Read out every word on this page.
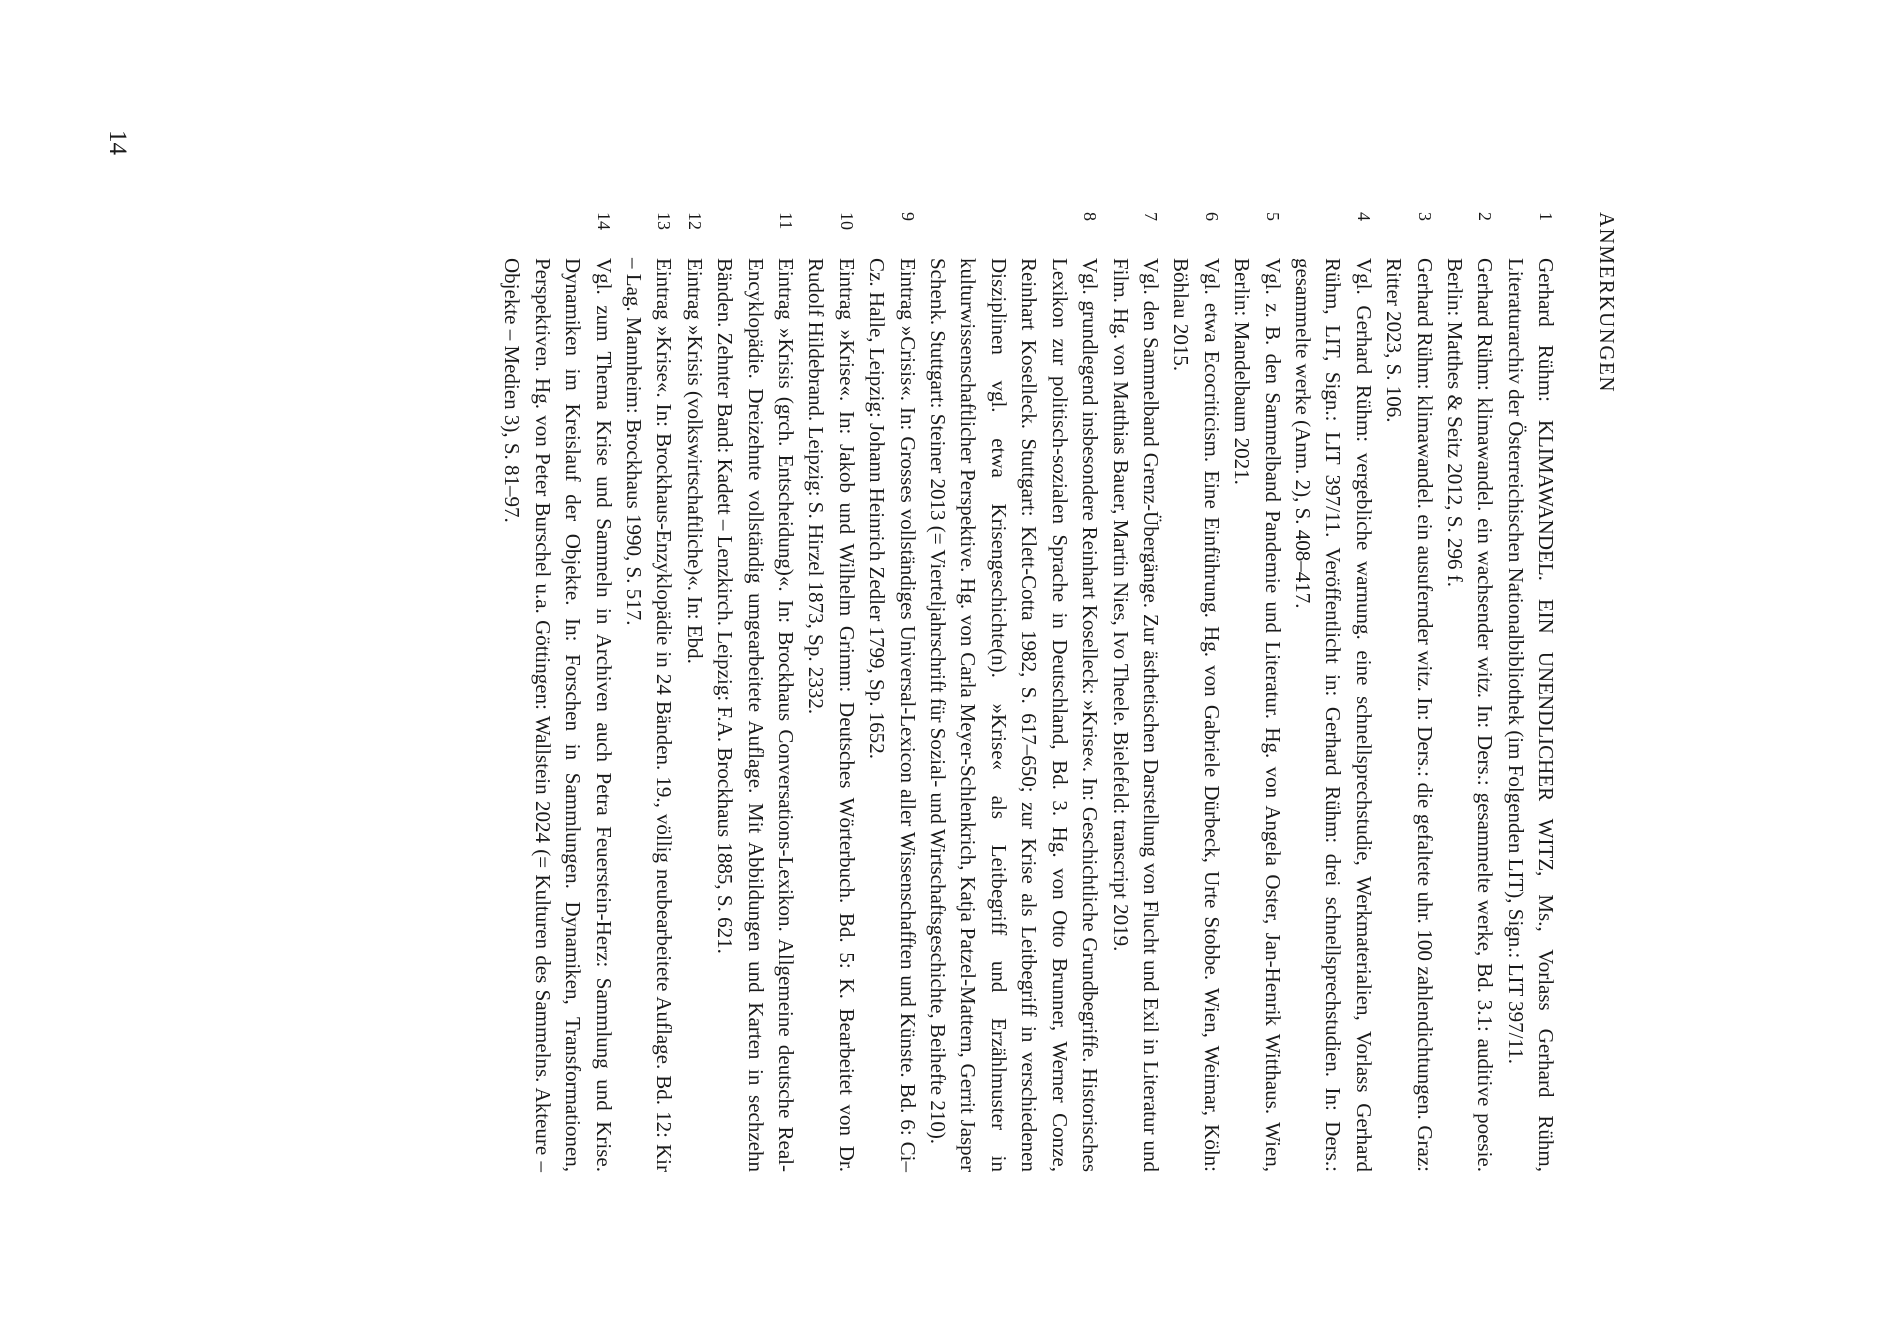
14
ANMERKUNGEN
1
Gerhard Rühm: KLIMAWANDEL. EIN UNENDLICHER WITZ, Ms., Vorlass Gerhard Rühm, Literaturarchiv der Österreichischen Nationalbibliothek (im Folgenden LIT), Sign.: LIT 397/11.
2
Gerhard Rühm: klimawandel. ein wachsender witz. In: Ders.: gesammelte werke, Bd. 3.1: auditive poesie. Berlin: Matthes & Seitz 2012, S. 296 f.
3
Gerhard Rühm: klimawandel. ein ausufernder witz. In: Ders.: die gefaltete uhr. 100 zahlendichtungen. Graz: Ritter 2023, S. 106.
4
Vgl. Gerhard Rühm: vergebliche warnung. eine schnellsprechstudie, Werkmaterialien, Vorlass Gerhard Rühm, LIT, Sign.: LIT 397/11. Veröffentlicht in: Gerhard Rühm: drei schnellsprechstudien. In: Ders.: gesammelte werke (Anm. 2), S. 408–417.
5
Vgl. z. B. den Sammelband Pandemie und Literatur. Hg. von Angela Oster, Jan-Henrik Witthaus. Wien, Berlin: Mandelbaum 2021.
6
Vgl. etwa Ecocriticism. Eine Einführung. Hg. von Gabriele Dürbeck, Urte Stobbe. Wien, Weimar, Köln: Böhlau 2015.
7
Vgl. den Sammelband Grenz-Übergänge. Zur ästhetischen Darstellung von Flucht und Exil in Literatur und Film. Hg. von Matthias Bauer, Martin Nies, Ivo Theele. Bielefeld: transcript 2019.
8
Vgl. grundlegend insbesondere Reinhart Koselleck: »Krise«. In: Geschichtliche Grundbegriffe. Historisches Lexikon zur politisch-sozialen Sprache in Deutschland, Bd. 3. Hg. von Otto Brunner, Werner Conze, Reinhart Koselleck. Stuttgart: Klett-Cotta 1982, S. 617–650; zur Krise als Leitbegriff in verschiedenen Disziplinen vgl. etwa Krisengeschichte(n). »Krise« als Leitbegriff und Erzählmuster in kulturwissenschaftlicher Perspektive. Hg. von Carla Meyer-Schlenkrich, Katja Patzel-Mattern, Gerrit Jasper Schenk. Stuttgart: Steiner 2013 (= Vierteljahrschrift für Sozial- und Wirtschaftsgeschichte, Beihefte 210).
9
Eintrag »Crisis«. In: Grosses vollständiges Universal-Lexicon aller Wissenschafften und Künste. Bd. 6: Ci–Cz. Halle, Leipzig: Johann Heinrich Zedler 1799, Sp. 1652.
10
Eintrag »Krise«. In: Jakob und Wilhelm Grimm: Deutsches Wörterbuch. Bd. 5: K. Bearbeitet von Dr. Rudolf Hildebrand. Leipzig: S. Hirzel 1873, Sp. 2332.
11
Eintrag »Krisis (grch. Entscheidung)«. In: Brockhaus Conversations-Lexikon. Allgemeine deutsche Real-Encyklopädie. Dreizehnte vollständig umgearbeitete Auflage. Mit Abbildungen und Karten in sechzehn Bänden. Zehnter Band: Kadett – Lenzkirch. Leipzig: F.A. Brockhaus 1885, S. 621.
12
Eintrag »Krisis (volkswirtschaftliche)«. In: Ebd.
13
Eintrag »Krise«. In: Brockhaus-Enzyklopädie in 24 Bänden. 19., völlig neubearbeitete Auflage. Bd. 12: Kir – Lag. Mannheim: Brockhaus 1990, S. 517.
14
Vgl. zum Thema Krise und Sammeln in Archiven auch Petra Feuerstein-Herz: Sammlung und Krise. Dynamiken im Kreislauf der Objekte. In: Forschen in Sammlungen. Dynamiken, Transformationen, Perspektiven. Hg. von Peter Burschel u.a. Göttingen: Wallstein 2024 (= Kulturen des Sammelns. Akteure – Objekte – Medien 3), S. 81–97.
